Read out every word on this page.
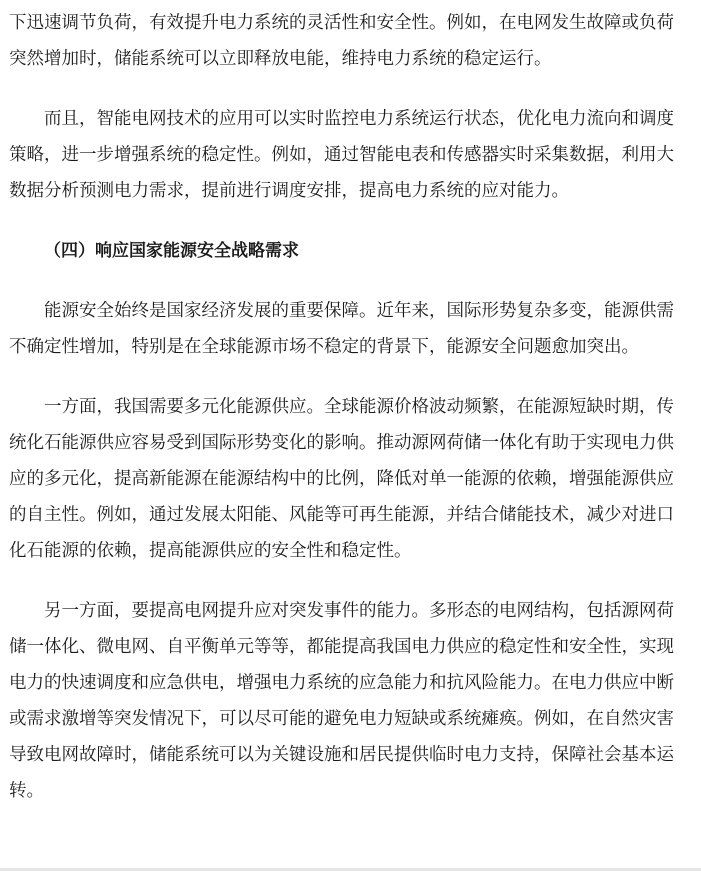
下迅速调节负荷，有效提升电力系统的灵活性和安全性。例如，在电网发生故障或负荷
突然增加时，储能系统可以立即释放电能，维持电力系统的稳定运行。
而且，智能电网技术的应用可以实时监控电力系统运行状态，优化电力流向和调度
策略，进一步增强系统的稳定性。例如，通过智能电表和传感器实时采集数据，利用大
数据分析预测电力需求，提前进行调度安排，提高电力系统的应对能力。
（四）响应国家能源安全战略需求
能源安全始终是国家经济发展的重要保障。近年来，国际形势复杂多变，能源供需
不确定性增加，特别是在全球能源市场不稳定的背景下，能源安全问题愈加突出。
一方面，我国需要多元化能源供应。全球能源价格波动频繁，在能源短缺时期，传
统化石能源供应容易受到国际形势变化的影响。推动源网荷储一体化有助于实现电力供
应的多元化，提高新能源在能源结构中的比例，降低对单一能源的依赖，增强能源供应
的自主性。例如，通过发展太阳能、风能等可再生能源，并结合储能技术，减少对进口
化石能源的依赖，提高能源供应的安全性和稳定性。
另一方面，要提高电网提升应对突发事件的能力。多形态的电网结构，包括源网荷
储一体化、微电网、自平衡单元等等，都能提高我国电力供应的稳定性和安全性，实现
电力的快速调度和应急供电，增强电力系统的应急能力和抗风险能力。在电力供应中断
或需求激增等突发情况下，可以尽可能的避免电力短缺或系统瘫痪。例如，在自然灾害
导致电网故障时，储能系统可以为关键设施和居民提供临时电力支持，保障社会基本运
转。
